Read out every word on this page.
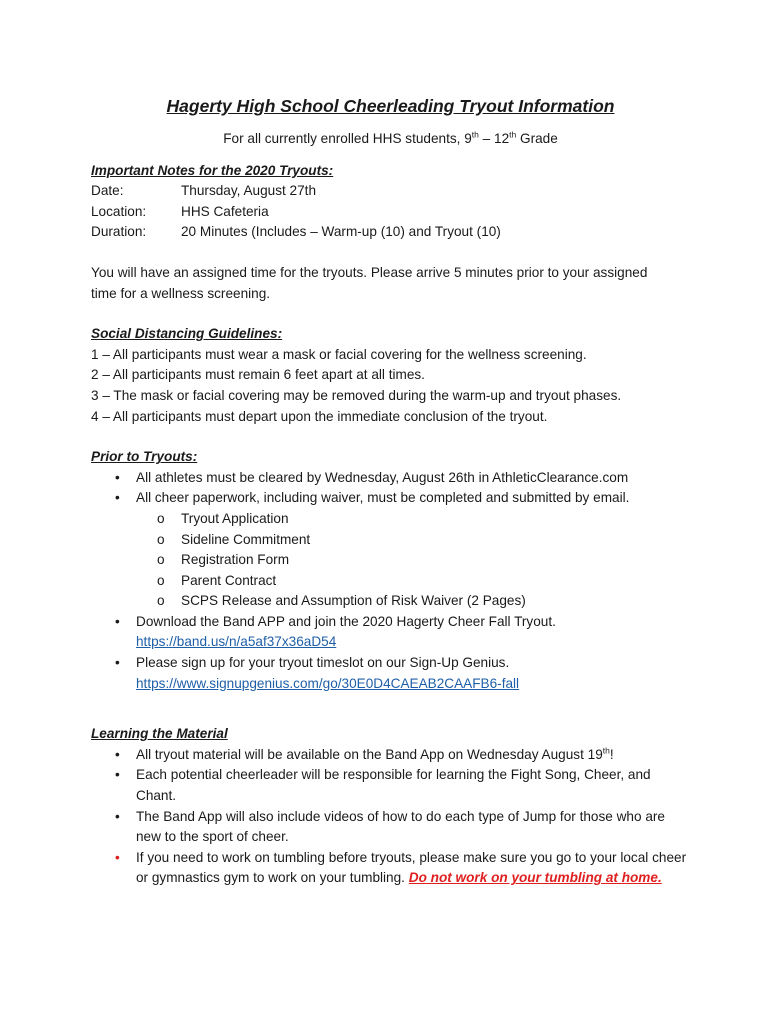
Hagerty High School Cheerleading Tryout Information
For all currently enrolled HHS students, 9th – 12th Grade
Important Notes for the 2020 Tryouts:
Date:	Thursday, August 27th
Location:	HHS Cafeteria
Duration:	20 Minutes (Includes – Warm-up (10) and Tryout (10)
You will have an assigned time for the tryouts. Please arrive 5 minutes prior to your assigned time for a wellness screening.
Social Distancing Guidelines:
1 – All participants must wear a mask or facial covering for the wellness screening.
2 – All participants must remain 6 feet apart at all times.
3 – The mask or facial covering may be removed during the warm-up and tryout phases.
4 – All participants must depart upon the immediate conclusion of the tryout.
Prior to Tryouts:
• All athletes must be cleared by Wednesday, August 26th in AthleticClearance.com
• All cheer paperwork, including waiver, must be completed and submitted by email.
o Tryout Application
o Sideline Commitment
o Registration Form
o Parent Contract
o SCPS Release and Assumption of Risk Waiver (2 Pages)
• Download the Band APP and join the 2020 Hagerty Cheer Fall Tryout.
https://band.us/n/a5af37x36aD54
• Please sign up for your tryout timeslot on our Sign-Up Genius.
https://www.signupgenius.com/go/30E0D4CAEAB2CAAFB6-fall
Learning the Material
• All tryout material will be available on the Band App on Wednesday August 19th!
• Each potential cheerleader will be responsible for learning the Fight Song, Cheer, and Chant.
• The Band App will also include videos of how to do each type of Jump for those who are new to the sport of cheer.
• If you need to work on tumbling before tryouts, please make sure you go to your local cheer or gymnastics gym to work on your tumbling. Do not work on your tumbling at home.
